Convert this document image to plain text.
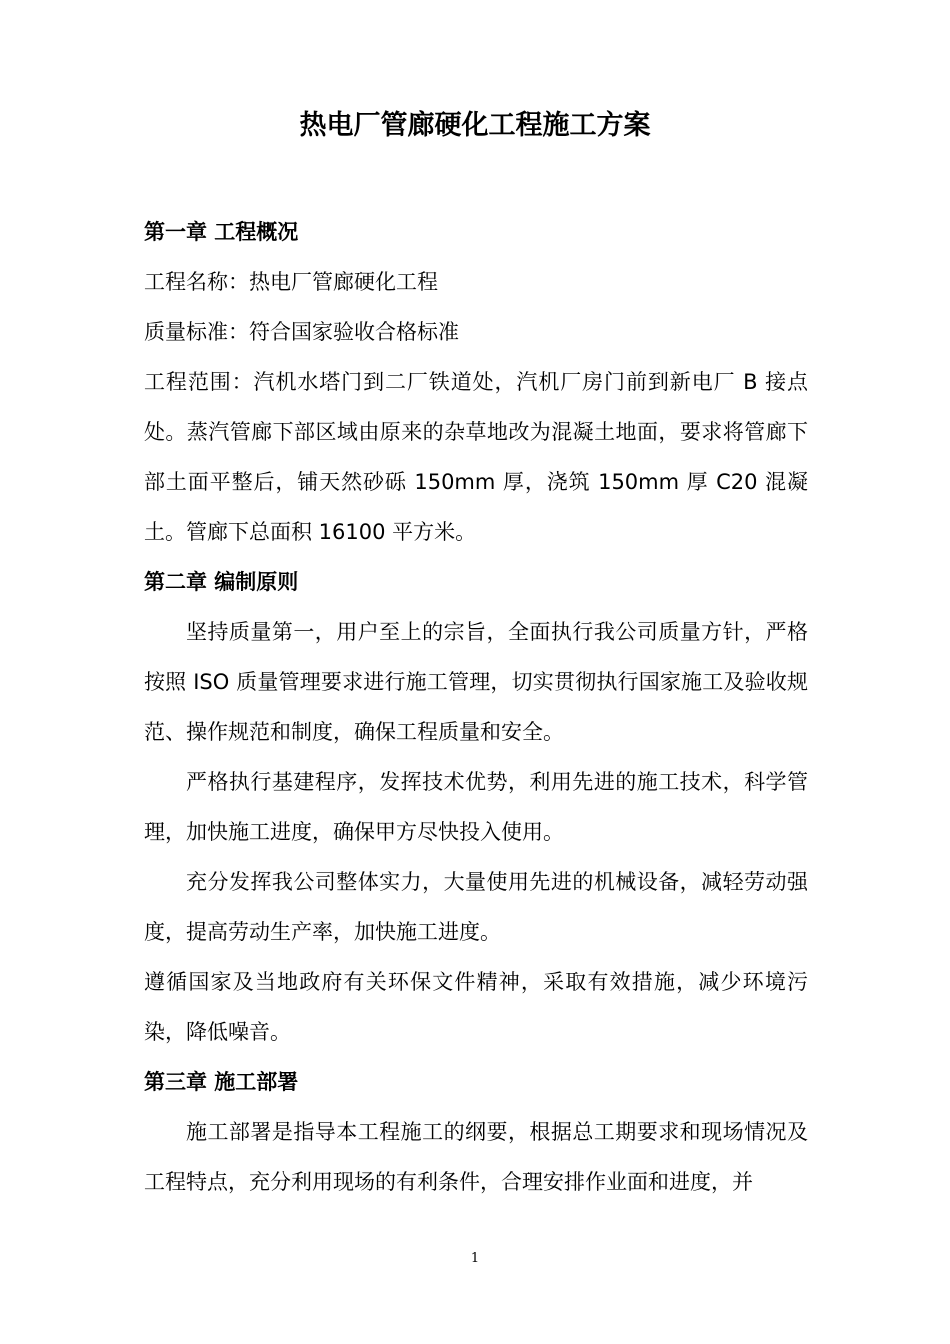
热电厂管廊硬化工程施工方案
第一章 工程概况

工程名称：热电厂管廊硬化工程

质量标准：符合国家验收合格标准

工程范围：汽机水塔门到二厂铁道处，汽机厂房门前到新电厂 B 接点处。蒸汽管廊下部区域由原来的杂草地改为混凝土地面，要求将管廊下部土面平整后，铺天然砂砾 150mm 厚，浇筑 150mm 厚 C20 混凝土。管廊下总面积 16100 平方米。

第二章 编制原则

坚持质量第一，用户至上的宗旨，全面执行我公司质量方针，严格按照 ISO 质量管理要求进行施工管理，切实贯彻执行国家施工及验收规范、操作规范和制度，确保工程质量和安全。

严格执行基建程序，发挥技术优势，利用先进的施工技术，科学管理，加快施工进度，确保甲方尽快投入使用。

充分发挥我公司整体实力，大量使用先进的机械设备，减轻劳动强度，提高劳动生产率，加快施工进度。

遵循国家及当地政府有关环保文件精神，采取有效措施，减少环境污染，降低噪音。

第三章 施工部署

施工部署是指导本工程施工的纲要，根据总工期要求和现场情况及工程特点，充分利用现场的有利条件，合理安排作业面和进度，并

1
